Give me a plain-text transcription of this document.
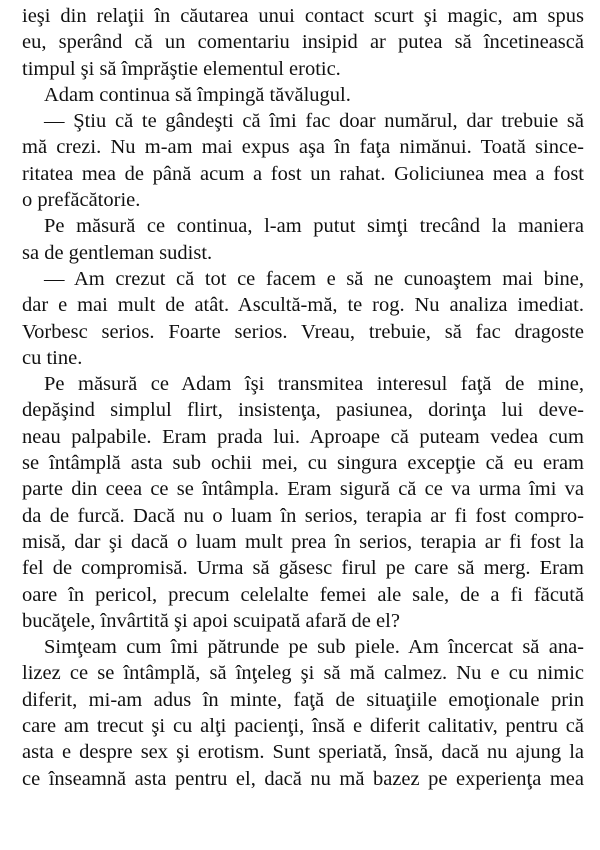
ieşi din relaţii în căutarea unui contact scurt şi magic, am spus
eu, sperând că un comentariu insipid ar putea să încetinească
timpul şi să împrăştie elementul erotic.
Adam continua să împingă tăvălugul.
— Ştiu că te gândeşti că îmi fac doar numărul, dar trebuie să
mă crezi. Nu m-am mai expus aşa în faţa nimănui. Toată since-
ritatea mea de până acum a fost un rahat. Goliciunea mea a fost
o prefăcătorie.
Pe măsură ce continua, l-am putut simţi trecând la maniera
sa de gentleman sudist.
— Am crezut că tot ce facem e să ne cunoaştem mai bine,
dar e mai mult de atât. Ascultă-mă, te rog. Nu analiza imediat.
Vorbesc serios. Foarte serios. Vreau, trebuie, să fac dragoste
cu tine.
Pe măsură ce Adam îşi transmitea interesul faţă de mine,
depăşind simplul flirt, insistenţa, pasiunea, dorinţa lui deve-
neau palpabile. Eram prada lui. Aproape că puteam vedea cum
se întâmplă asta sub ochii mei, cu singura excepţie că eu eram
parte din ceea ce se întâmpla. Eram sigură că ce va urma îmi va
da de furcă. Dacă nu o luam în serios, terapia ar fi fost compro-
misă, dar şi dacă o luam mult prea în serios, terapia ar fi fost la
fel de compromisă. Urma să găsesc firul pe care să merg. Eram
oare în pericol, precum celelalte femei ale sale, de a fi făcută
bucăţele, învârtită şi apoi scuipată afară de el?
Simţeam cum îmi pătrunde pe sub piele. Am încercat să ana-
lizez ce se întâmplă, să înţeleg şi să mă calmez. Nu e cu nimic
diferit, mi-am adus în minte, faţă de situaţiile emoţionale prin
care am trecut şi cu alţi pacienţi, însă e diferit calitativ, pentru că
asta e despre sex şi erotism. Sunt speriată, însă, dacă nu ajung la
ce înseamnă asta pentru el, dacă nu mă bazez pe experienţa mea
